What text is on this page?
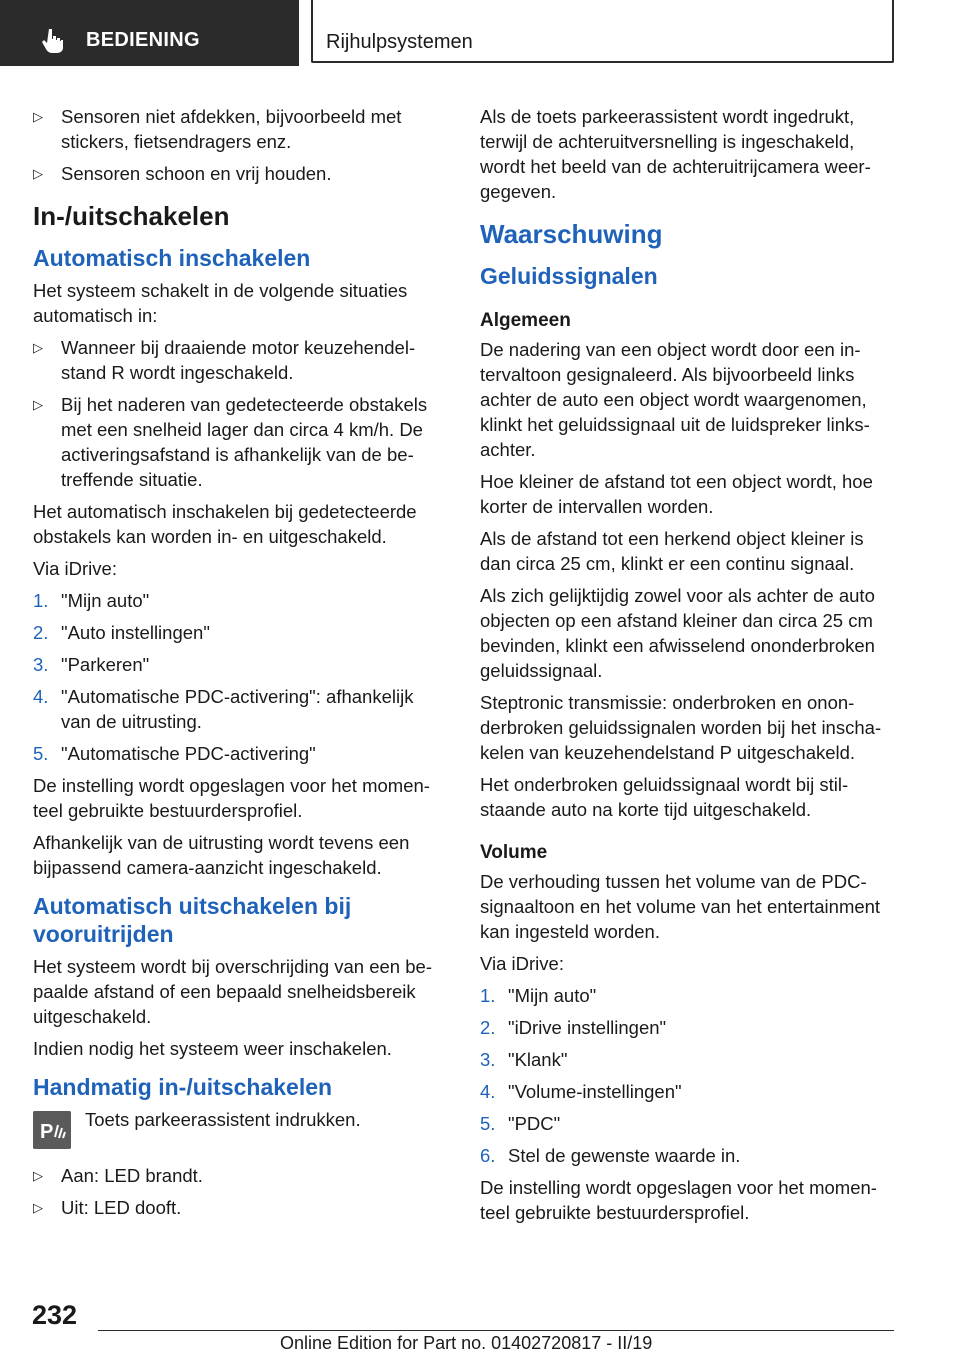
BEDIENING	Rijhulpsystemen
▷ Sensoren niet afdekken, bijvoorbeeld met stickers, fietsendragers enz.
▷ Sensoren schoon en vrij houden.
In-/uitschakelen
Automatisch inschakelen

Het systeem schakelt in de volgende situaties automatisch in:

▷ Wanneer bij draaiende motor keuzehendelstand R wordt ingeschakeld.
▷ Bij het naderen van gedetecteerde obstakels met een snelheid lager dan circa 4 km/h. De activeringsafstand is afhankelijk van de betreffende situatie.

Het automatisch inschakelen bij gedetecteerde obstakels kan worden in- en uitgeschakeld.

Via iDrive:

1. "Mijn auto"
2. "Auto instellingen"
3. "Parkeren"
4. "Automatische PDC-activering": afhankelijk van de uitrusting.
5. "Automatische PDC-activering"

De instelling wordt opgeslagen voor het momenteel gebruikte bestuurdersprofiel.

Afhankelijk van de uitrusting wordt tevens een bijpassend camera-aanzicht ingeschakeld.

Automatisch uitschakelen bij vooruitrijden

Het systeem wordt bij overschrijding van een bepaalde afstand of een bepaald snelheidsbereik uitgeschakeld.

Indien nodig het systeem weer inschakelen.

Handmatig in-/uitschakelen
P
Toets parkeerassistent indrukken.
▷ Aan: LED brandt.
▷ Uit: LED dooft.

Als de toets parkeerassistent wordt ingedrukt, terwijl de achteruitversnelling is ingeschakeld, wordt het beeld van de achteruitrijcamera weergegeven.

Waarschuwing
Geluidssignalen
Algemeen

De nadering van een object wordt door een intervaltoon gesignaleerd. Als bijvoorbeeld links achter de auto een object wordt waargenomen, klinkt het geluidssignaal uit de luidspreker linksachter.

Hoe kleiner de afstand tot een object wordt, hoe korter de intervallen worden.

Als de afstand tot een herkend object kleiner is dan circa 25 cm, klinkt er een continu signaal.

Als zich gelijktijdig zowel voor als achter de auto objecten op een afstand kleiner dan circa 25 cm bevinden, klinkt een afwisselend ononderbroken geluidssignaal.

Steptronic transmissie: onderbroken en ononderbroken geluidssignalen worden bij het inschakelen van keuzehendelstand P uitgeschakeld.

Het onderbroken geluidssignaal wordt bij stilstaande auto na korte tijd uitgeschakeld.

Volume

De verhouding tussen het volume van de PDC-signaaltoon en het volume van het entertainment kan ingesteld worden.

Via iDrive:

1. "Mijn auto"
2. "iDrive instellingen"
3. "Klank"
4. "Volume-instellingen"
5. "PDC"
6. Stel de gewenste waarde in.

De instelling wordt opgeslagen voor het momenteel gebruikte bestuurdersprofiel.

232
Online Edition for Part no. 01402720817 - II/19
